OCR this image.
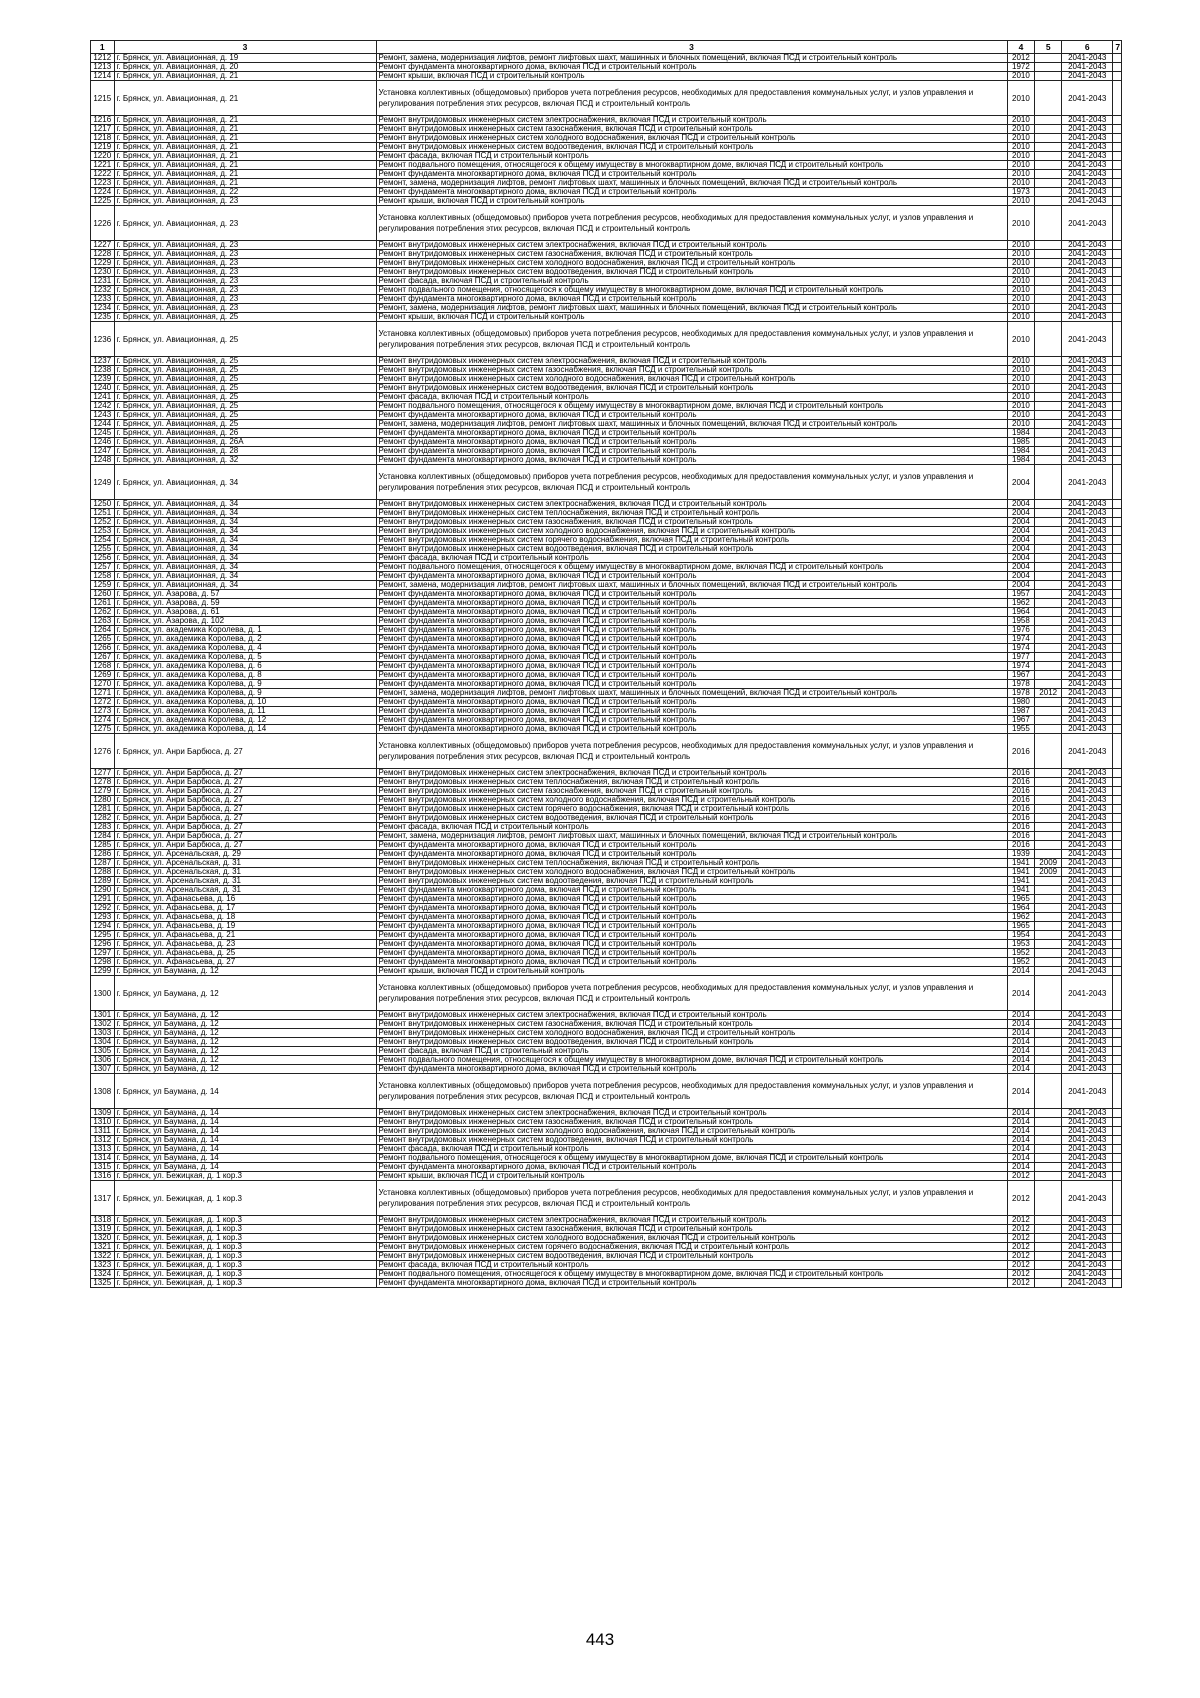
1	3	3	4	5	6	7
1212	г. Брянск, ул. Авиационная, д. 19	Ремонт, замена, модернизация лифтов, ремонт лифтовых шахт, машинных и блочных помещений, включая ПСД и строительный контроль	2012		2041-2043	
1213	г. Брянск, ул. Авиационная, д. 20	Ремонт фундамента многоквартирного дома, включая ПСД и строительный контроль	1972		2041-2043	
1214	г. Брянск, ул. Авиационная, д. 21	Ремонт крыши, включая ПСД и строительный контроль	2010		2041-2043	
1215	г. Брянск, ул. Авиационная, д. 21	Установка коллективных (общедомовых) приборов учета потребления ресурсов, необходимых для предоставления коммунальных услуг, и узлов управления и регулирования потребления этих ресурсов, включая ПСД и строительный контроль	2010		2041-2043	
1216	г. Брянск, ул. Авиационная, д. 21	Ремонт внутридомовых инженерных систем электроснабжения, включая ПСД и строительный контроль	2010		2041-2043	
1217	г. Брянск, ул. Авиационная, д. 21	Ремонт внутридомовых инженерных систем газоснабжения, включая ПСД и строительный контроль	2010		2041-2043	
1218	г. Брянск, ул. Авиационная, д. 21	Ремонт внутридомовых инженерных систем холодного водоснабжения, включая ПСД и строительный контроль	2010		2041-2043	
1219	г. Брянск, ул. Авиационная, д. 21	Ремонт внутридомовых инженерных систем водоотведения, включая ПСД и строительный контроль	2010		2041-2043	
1220	г. Брянск, ул. Авиационная, д. 21	Ремонт фасада, включая ПСД и строительный контроль	2010		2041-2043	
1221	г. Брянск, ул. Авиационная, д. 21	Ремонт подвального помещения, относящегося к общему имуществу в многоквартирном доме, включая ПСД и строительный контроль	2010		2041-2043	
1222	г. Брянск, ул. Авиационная, д. 21	Ремонт фундамента многоквартирного дома, включая ПСД и строительный контроль	2010		2041-2043	
1223	г. Брянск, ул. Авиационная, д. 21	Ремонт, замена, модернизация лифтов, ремонт лифтовых шахт, машинных и блочных помещений, включая ПСД и строительный контроль	2010		2041-2043	
1224	г. Брянск, ул. Авиационная, д. 22	Ремонт фундамента многоквартирного дома, включая ПСД и строительный контроль	1973		2041-2043	
1225	г. Брянск, ул. Авиационная, д. 23	Ремонт крыши, включая ПСД и строительный контроль	2010		2041-2043	
1226	г. Брянск, ул. Авиационная, д. 23	Установка коллективных (общедомовых) приборов учета потребления ресурсов, необходимых для предоставления коммунальных услуг, и узлов управления и регулирования потребления этих ресурсов, включая ПСД и строительный контроль	2010		2041-2043	
1227	г. Брянск, ул. Авиационная, д. 23	Ремонт внутридомовых инженерных систем электроснабжения, включая ПСД и строительный контроль	2010		2041-2043	
1228	г. Брянск, ул. Авиационная, д. 23	Ремонт внутридомовых инженерных систем газоснабжения, включая ПСД и строительный контроль	2010		2041-2043	
1229	г. Брянск, ул. Авиационная, д. 23	Ремонт внутридомовых инженерных систем холодного водоснабжения, включая ПСД и строительный контроль	2010		2041-2043	
1230	г. Брянск, ул. Авиационная, д. 23	Ремонт внутридомовых инженерных систем водоотведения, включая ПСД и строительный контроль	2010		2041-2043	
1231	г. Брянск, ул. Авиационная, д. 23	Ремонт фасада, включая ПСД и строительный контроль	2010		2041-2043	
1232	г. Брянск, ул. Авиационная, д. 23	Ремонт подвального помещения, относящегося к общему имуществу в многоквартирном доме, включая ПСД и строительный контроль	2010		2041-2043	
1233	г. Брянск, ул. Авиационная, д. 23	Ремонт фундамента многоквартирного дома, включая ПСД и строительный контроль	2010		2041-2043	
1234	г. Брянск, ул. Авиационная, д. 23	Ремонт, замена, модернизация лифтов, ремонт лифтовых шахт, машинных и блочных помещений, включая ПСД и строительный контроль	2010		2041-2043	
1235	г. Брянск, ул. Авиационная, д. 25	Ремонт крыши, включая ПСД и строительный контроль	2010		2041-2043	
1236	г. Брянск, ул. Авиационная, д. 25	Установка коллективных (общедомовых) приборов учета потребления ресурсов, необходимых для предоставления коммунальных услуг, и узлов управления и регулирования потребления этих ресурсов, включая ПСД и строительный контроль	2010		2041-2043	
1237	г. Брянск, ул. Авиационная, д. 25	Ремонт внутридомовых инженерных систем электроснабжения, включая ПСД и строительный контроль	2010		2041-2043	
1238	г. Брянск, ул. Авиационная, д. 25	Ремонт внутридомовых инженерных систем газоснабжения, включая ПСД и строительный контроль	2010		2041-2043	
1239	г. Брянск, ул. Авиационная, д. 25	Ремонт внутридомовых инженерных систем холодного водоснабжения, включая ПСД и строительный контроль	2010		2041-2043	
1240	г. Брянск, ул. Авиационная, д. 25	Ремонт внутридомовых инженерных систем водоотведения, включая ПСД и строительный контроль	2010		2041-2043	
1241	г. Брянск, ул. Авиационная, д. 25	Ремонт фасада, включая ПСД и строительный контроль	2010		2041-2043	
1242	г. Брянск, ул. Авиационная, д. 25	Ремонт подвального помещения, относящегося к общему имуществу в многоквартирном доме, включая ПСД и строительный контроль	2010		2041-2043	
1243	г. Брянск, ул. Авиационная, д. 25	Ремонт фундамента многоквартирного дома, включая ПСД и строительный контроль	2010		2041-2043	
1244	г. Брянск, ул. Авиационная, д. 25	Ремонт, замена, модернизация лифтов, ремонт лифтовых шахт, машинных и блочных помещений, включая ПСД и строительный контроль	2010		2041-2043	
1245	г. Брянск, ул. Авиационная, д. 26	Ремонт фундамента многоквартирного дома, включая ПСД и строительный контроль	1984		2041-2043	
1246	г. Брянск, ул. Авиационная, д. 26А	Ремонт фундамента многоквартирного дома, включая ПСД и строительный контроль	1985		2041-2043	
1247	г. Брянск, ул. Авиационная, д. 28	Ремонт фундамента многоквартирного дома, включая ПСД и строительный контроль	1984		2041-2043	
1248	г. Брянск, ул. Авиационная, д. 32	Ремонт фундамента многоквартирного дома, включая ПСД и строительный контроль	1984		2041-2043	
1249	г. Брянск, ул. Авиационная, д. 34	Установка коллективных (общедомовых) приборов учета потребления ресурсов, необходимых для предоставления коммунальных услуг, и узлов управления и регулирования потребления этих ресурсов, включая ПСД и строительный контроль	2004		2041-2043	
1250	г. Брянск, ул. Авиационная, д. 34	Ремонт внутридомовых инженерных систем электроснабжения, включая ПСД и строительный контроль	2004		2041-2043	
1251	г. Брянск, ул. Авиационная, д. 34	Ремонт внутридомовых инженерных систем теплоснабжения, включая ПСД и строительный контроль	2004		2041-2043	
1252	г. Брянск, ул. Авиационная, д. 34	Ремонт внутридомовых инженерных систем газоснабжения, включая ПСД и строительный контроль	2004		2041-2043	
1253	г. Брянск, ул. Авиационная, д. 34	Ремонт внутридомовых инженерных систем холодного водоснабжения, включая ПСД и строительный контроль	2004		2041-2043	
1254	г. Брянск, ул. Авиационная, д. 34	Ремонт внутридомовых инженерных систем горячего водоснабжения, включая ПСД и строительный контроль	2004		2041-2043	
1255	г. Брянск, ул. Авиационная, д. 34	Ремонт внутридомовых инженерных систем водоотведения, включая ПСД и строительный контроль	2004		2041-2043	
1256	г. Брянск, ул. Авиационная, д. 34	Ремонт фасада, включая ПСД и строительный контроль	2004		2041-2043	
1257	г. Брянск, ул. Авиационная, д. 34	Ремонт подвального помещения, относящегося к общему имуществу в многоквартирном доме, включая ПСД и строительный контроль	2004		2041-2043	
1258	г. Брянск, ул. Авиационная, д. 34	Ремонт фундамента многоквартирного дома, включая ПСД и строительный контроль	2004		2041-2043	
1259	г. Брянск, ул. Авиационная, д. 34	Ремонт, замена, модернизация лифтов, ремонт лифтовых шахт, машинных и блочных помещений, включая ПСД и строительный контроль	2004		2041-2043	
1260	г. Брянск, ул. Азарова, д. 57	Ремонт фундамента многоквартирного дома, включая ПСД и строительный контроль	1957		2041-2043	
1261	г. Брянск, ул. Азарова, д. 59	Ремонт фундамента многоквартирного дома, включая ПСД и строительный контроль	1962		2041-2043	
1262	г. Брянск, ул. Азарова, д. 61	Ремонт фундамента многоквартирного дома, включая ПСД и строительный контроль	1964		2041-2043	
1263	г. Брянск, ул. Азарова, д. 102	Ремонт фундамента многоквартирного дома, включая ПСД и строительный контроль	1958		2041-2043	
1264	г. Брянск, ул. академика Королева, д. 1	Ремонт фундамента многоквартирного дома, включая ПСД и строительный контроль	1976		2041-2043	
1265	г. Брянск, ул. академика Королева, д. 2	Ремонт фундамента многоквартирного дома, включая ПСД и строительный контроль	1974		2041-2043	
1266	г. Брянск, ул. академика Королева, д. 4	Ремонт фундамента многоквартирного дома, включая ПСД и строительный контроль	1974		2041-2043	
1267	г. Брянск, ул. академика Королева, д. 5	Ремонт фундамента многоквартирного дома, включая ПСД и строительный контроль	1977		2041-2043	
1268	г. Брянск, ул. академика Королева, д. 6	Ремонт фундамента многоквартирного дома, включая ПСД и строительный контроль	1974		2041-2043	
1269	г. Брянск, ул. академика Королева, д. 8	Ремонт фундамента многоквартирного дома, включая ПСД и строительный контроль	1967		2041-2043	
1270	г. Брянск, ул. академика Королева, д. 9	Ремонт фундамента многоквартирного дома, включая ПСД и строительный контроль	1978		2041-2043	
1271	г. Брянск, ул. академика Королева, д. 9	Ремонт, замена, модернизация лифтов, ремонт лифтовых шахт, машинных и блочных помещений, включая ПСД и строительный контроль	1978	2012	2041-2043	
1272	г. Брянск, ул. академика Королева, д. 10	Ремонт фундамента многоквартирного дома, включая ПСД и строительный контроль	1980		2041-2043	
1273	г. Брянск, ул. академика Королева, д. 11	Ремонт фундамента многоквартирного дома, включая ПСД и строительный контроль	1987		2041-2043	
1274	г. Брянск, ул. академика Королева, д. 12	Ремонт фундамента многоквартирного дома, включая ПСД и строительный контроль	1967		2041-2043	
1275	г. Брянск, ул. академика Королева, д. 14	Ремонт фундамента многоквартирного дома, включая ПСД и строительный контроль	1955		2041-2043	
1276	г. Брянск, ул. Анри Барбюса, д. 27	Установка коллективных (общедомовых) приборов учета потребления ресурсов, необходимых для предоставления коммунальных услуг, и узлов управления и регулирования потребления этих ресурсов, включая ПСД и строительный контроль	2016		2041-2043	
1277	г. Брянск, ул. Анри Барбюса, д. 27	Ремонт внутридомовых инженерных систем электроснабжения, включая ПСД и строительный контроль	2016		2041-2043	
1278	г. Брянск, ул. Анри Барбюса, д. 27	Ремонт внутридомовых инженерных систем теплоснабжения, включая ПСД и строительный контроль	2016		2041-2043	
1279	г. Брянск, ул. Анри Барбюса, д. 27	Ремонт внутридомовых инженерных систем газоснабжения, включая ПСД и строительный контроль	2016		2041-2043	
1280	г. Брянск, ул. Анри Барбюса, д. 27	Ремонт внутридомовых инженерных систем холодного водоснабжения, включая ПСД и строительный контроль	2016		2041-2043	
1281	г. Брянск, ул. Анри Барбюса, д. 27	Ремонт внутридомовых инженерных систем горячего водоснабжения, включая ПСД и строительный контроль	2016		2041-2043	
1282	г. Брянск, ул. Анри Барбюса, д. 27	Ремонт внутридомовых инженерных систем водоотведения, включая ПСД и строительный контроль	2016		2041-2043	
1283	г. Брянск, ул. Анри Барбюса, д. 27	Ремонт фасада, включая ПСД и строительный контроль	2016		2041-2043	
1284	г. Брянск, ул. Анри Барбюса, д. 27	Ремонт, замена, модернизация лифтов, ремонт лифтовых шахт, машинных и блочных помещений, включая ПСД и строительный контроль	2016		2041-2043	
1285	г. Брянск, ул. Анри Барбюса, д. 27	Ремонт фундамента многоквартирного дома, включая ПСД и строительный контроль	2016		2041-2043	
1286	г. Брянск, ул. Арсенальская, д. 29	Ремонт фундамента многоквартирного дома, включая ПСД и строительный контроль	1939		2041-2043	
1287	г. Брянск, ул. Арсенальская, д. 31	Ремонт внутридомовых инженерных систем теплоснабжения, включая ПСД и строительный контроль	1941	2009	2041-2043	
1288	г. Брянск, ул. Арсенальская, д. 31	Ремонт внутридомовых инженерных систем холодного водоснабжения, включая ПСД и строительный контроль	1941	2009	2041-2043	
1289	г. Брянск, ул. Арсенальская, д. 31	Ремонт внутридомовых инженерных систем водоотведения, включая ПСД и строительный контроль	1941		2041-2043	
1290	г. Брянск, ул. Арсенальская, д. 31	Ремонт фундамента многоквартирного дома, включая ПСД и строительный контроль	1941		2041-2043	
1291	г. Брянск, ул. Афанасьева, д. 16	Ремонт фундамента многоквартирного дома, включая ПСД и строительный контроль	1965		2041-2043	
1292	г. Брянск, ул. Афанасьева, д. 17	Ремонт фундамента многоквартирного дома, включая ПСД и строительный контроль	1964		2041-2043	
1293	г. Брянск, ул. Афанасьева, д. 18	Ремонт фундамента многоквартирного дома, включая ПСД и строительный контроль	1962		2041-2043	
1294	г. Брянск, ул. Афанасьева, д. 19	Ремонт фундамента многоквартирного дома, включая ПСД и строительный контроль	1965		2041-2043	
1295	г. Брянск, ул. Афанасьева, д. 21	Ремонт фундамента многоквартирного дома, включая ПСД и строительный контроль	1954		2041-2043	
1296	г. Брянск, ул. Афанасьева, д. 23	Ремонт фундамента многоквартирного дома, включая ПСД и строительный контроль	1953		2041-2043	
1297	г. Брянск, ул. Афанасьева, д. 25	Ремонт фундамента многоквартирного дома, включая ПСД и строительный контроль	1952		2041-2043	
1298	г. Брянск, ул. Афанасьева, д. 27	Ремонт фундамента многоквартирного дома, включая ПСД и строительный контроль	1952		2041-2043	
1299	г. Брянск, ул Баумана, д. 12	Ремонт крыши, включая ПСД и строительный контроль	2014		2041-2043	
1300	г. Брянск, ул Баумана, д. 12	Установка коллективных (общедомовых) приборов учета потребления ресурсов, необходимых для предоставления коммунальных услуг, и узлов управления и регулирования потребления этих ресурсов, включая ПСД и строительный контроль	2014		2041-2043	
1301	г. Брянск, ул Баумана, д. 12	Ремонт внутридомовых инженерных систем электроснабжения, включая ПСД и строительный контроль	2014		2041-2043	
1302	г. Брянск, ул Баумана, д. 12	Ремонт внутридомовых инженерных систем газоснабжения, включая ПСД и строительный контроль	2014		2041-2043	
1303	г. Брянск, ул Баумана, д. 12	Ремонт внутридомовых инженерных систем холодного водоснабжения, включая ПСД и строительный контроль	2014		2041-2043	
1304	г. Брянск, ул Баумана, д. 12	Ремонт внутридомовых инженерных систем водоотведения, включая ПСД и строительный контроль	2014		2041-2043	
1305	г. Брянск, ул Баумана, д. 12	Ремонт фасада, включая ПСД и строительный контроль	2014		2041-2043	
1306	г. Брянск, ул Баумана, д. 12	Ремонт подвального помещения, относящегося к общему имуществу в многоквартирном доме, включая ПСД и строительный контроль	2014		2041-2043	
1307	г. Брянск, ул Баумана, д. 12	Ремонт фундамента многоквартирного дома, включая ПСД и строительный контроль	2014		2041-2043	
1308	г. Брянск, ул Баумана, д. 14	Установка коллективных (общедомовых) приборов учета потребления ресурсов, необходимых для предоставления коммунальных услуг, и узлов управления и регулирования потребления этих ресурсов, включая ПСД и строительный контроль	2014		2041-2043	
1309	г. Брянск, ул Баумана, д. 14	Ремонт внутридомовых инженерных систем электроснабжения, включая ПСД и строительный контроль	2014		2041-2043	
1310	г. Брянск, ул Баумана, д. 14	Ремонт внутридомовых инженерных систем газоснабжения, включая ПСД и строительный контроль	2014		2041-2043	
1311	г. Брянск, ул Баумана, д. 14	Ремонт внутридомовых инженерных систем холодного водоснабжения, включая ПСД и строительный контроль	2014		2041-2043	
1312	г. Брянск, ул Баумана, д. 14	Ремонт внутридомовых инженерных систем водоотведения, включая ПСД и строительный контроль	2014		2041-2043	
1313	г. Брянск, ул Баумана, д. 14	Ремонт фасада, включая ПСД и строительный контроль	2014		2041-2043	
1314	г. Брянск, ул Баумана, д. 14	Ремонт подвального помещения, относящегося к общему имуществу в многоквартирном доме, включая ПСД и строительный контроль	2014		2041-2043	
1315	г. Брянск, ул Баумана, д. 14	Ремонт фундамента многоквартирного дома, включая ПСД и строительный контроль	2014		2041-2043	
1316	г. Брянск, ул. Бежицкая, д. 1 кор.3	Ремонт крыши, включая ПСД и строительный контроль	2012		2041-2043	
1317	г. Брянск, ул. Бежицкая, д. 1 кор.3	Установка коллективных (общедомовых) приборов учета потребления ресурсов, необходимых для предоставления коммунальных услуг, и узлов управления и регулирования потребления этих ресурсов, включая ПСД и строительный контроль	2012		2041-2043	
1318	г. Брянск, ул. Бежицкая, д. 1 кор.3	Ремонт внутридомовых инженерных систем электроснабжения, включая ПСД и строительный контроль	2012		2041-2043	
1319	г. Брянск, ул. Бежицкая, д. 1 кор.3	Ремонт внутридомовых инженерных систем газоснабжения, включая ПСД и строительный контроль	2012		2041-2043	
1320	г. Брянск, ул. Бежицкая, д. 1 кор.3	Ремонт внутридомовых инженерных систем холодного водоснабжения, включая ПСД и строительный контроль	2012		2041-2043	
1321	г. Брянск, ул. Бежицкая, д. 1 кор.3	Ремонт внутридомовых инженерных систем горячего водоснабжения, включая ПСД и строительный контроль	2012		2041-2043	
1322	г. Брянск, ул. Бежицкая, д. 1 кор.3	Ремонт внутридомовых инженерных систем водоотведения, включая ПСД и строительный контроль	2012		2041-2043	
1323	г. Брянск, ул. Бежицкая, д. 1 кор.3	Ремонт фасада, включая ПСД и строительный контроль	2012		2041-2043	
1324	г. Брянск, ул. Бежицкая, д. 1 кор.3	Ремонт подвального помещения, относящегося к общему имуществу в многоквартирном доме, включая ПСД и строительный контроль	2012		2041-2043	
1325	г. Брянск, ул. Бежицкая, д. 1 кор.3	Ремонт фундамента многоквартирного дома, включая ПСД и строительный контроль	2012		2041-2043	
443
